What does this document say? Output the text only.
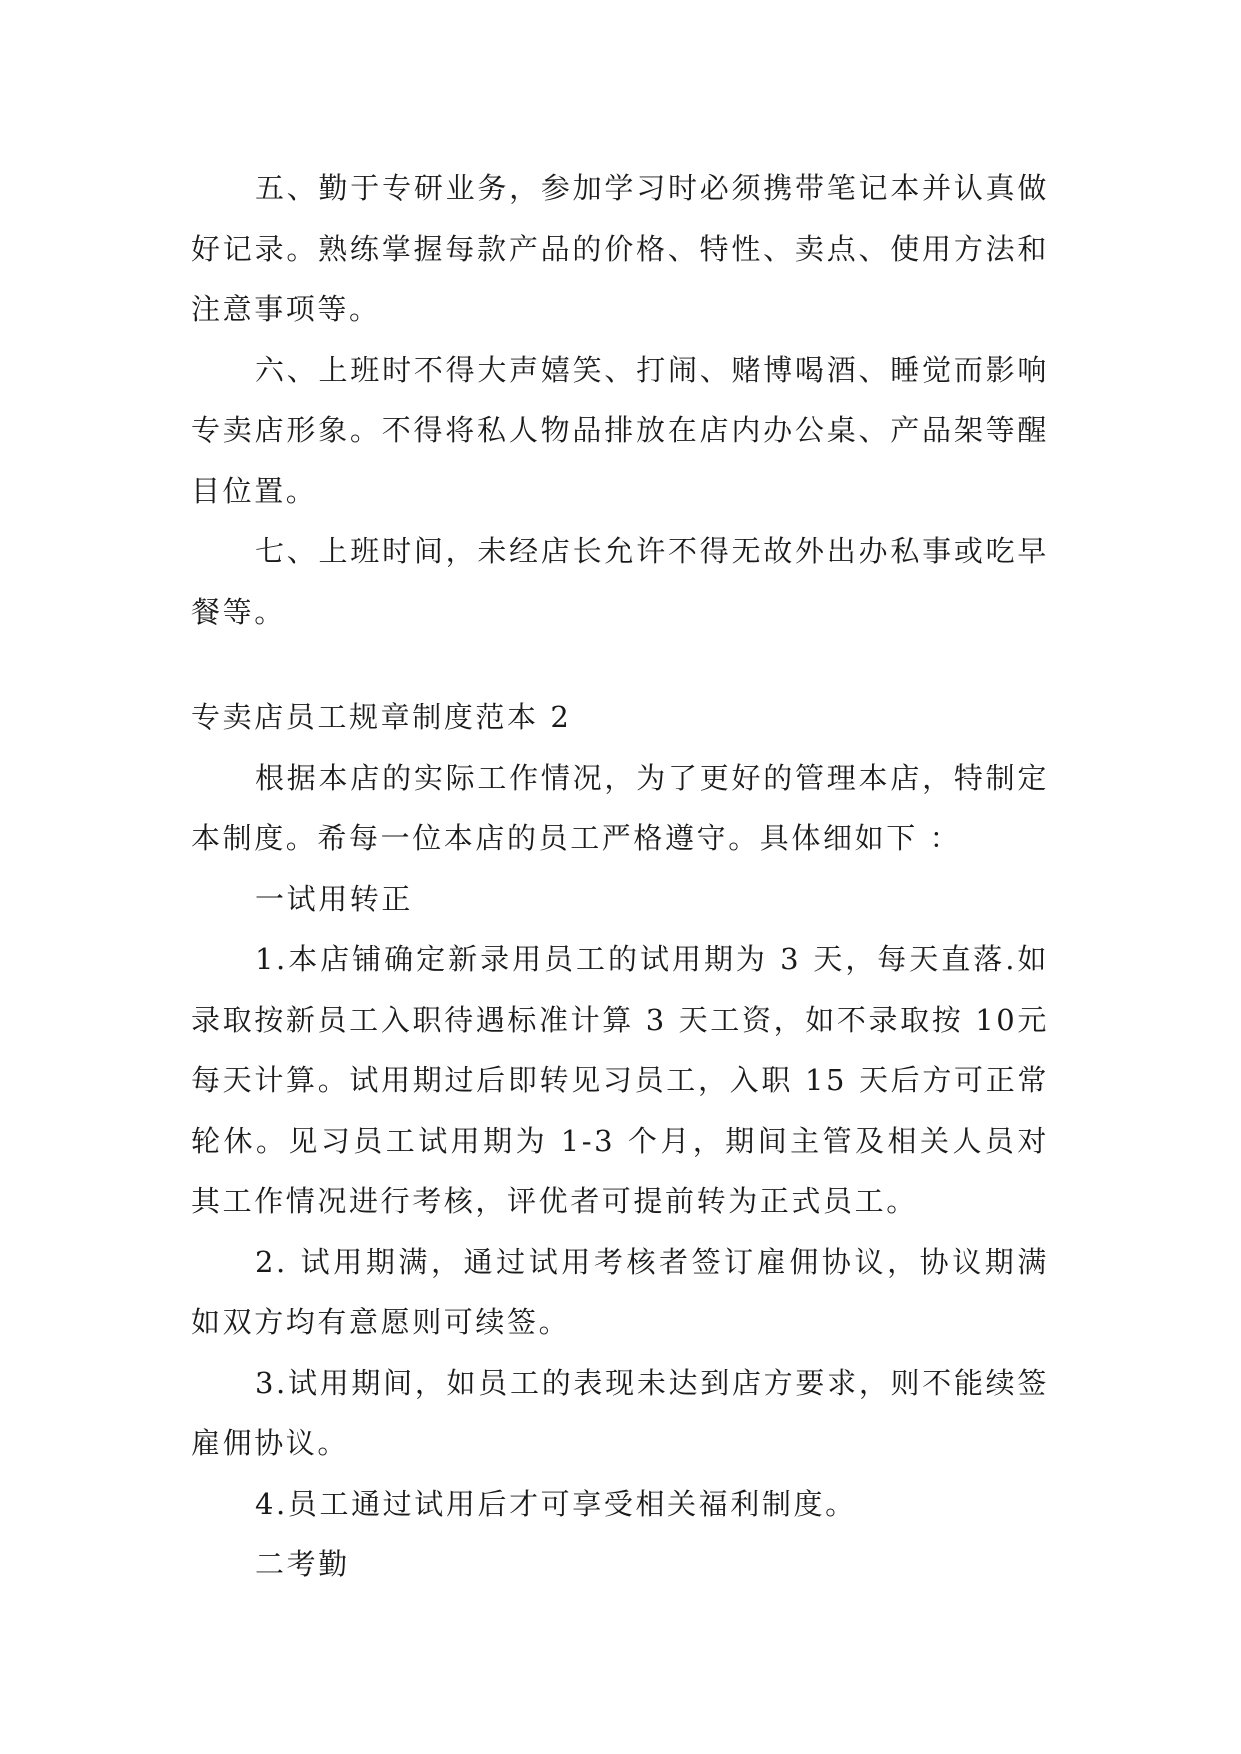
五、勤于专研业务，参加学习时必须携带笔记本并认真做好记录。熟练掌握每款产品的价格、特性、卖点、使用方法和注意事项等。

六、上班时不得大声嬉笑、打闹、赌博喝酒、睡觉而影响专卖店形象。不得将私人物品排放在店内办公桌、产品架等醒目位置。

七、上班时间，未经店长允许不得无故外出办私事或吃早餐等。

专卖店员工规章制度范本 2

根据本店的实际工作情况，为了更好的管理本店，特制定本制度。希每一位本店的员工严格遵守。具体细如下 ：

一试用转正

1.本店铺确定新录用员工的试用期为 3 天，每天直落.如录取按新员工入职待遇标准计算 3 天工资，如不录取按 10元每天计算。试用期过后即转见习员工，入职 15 天后方可正常轮休。见习员工试用期为 1-3 个月，期间主管及相关人员对其工作情况进行考核，评优者可提前转为正式员工。

2. 试用期满，通过试用考核者签订雇佣协议，协议期满如双方均有意愿则可续签。

3.试用期间，如员工的表现未达到店方要求，则不能续签雇佣协议。

4.员工通过试用后才可享受相关福利制度。

二考勤
